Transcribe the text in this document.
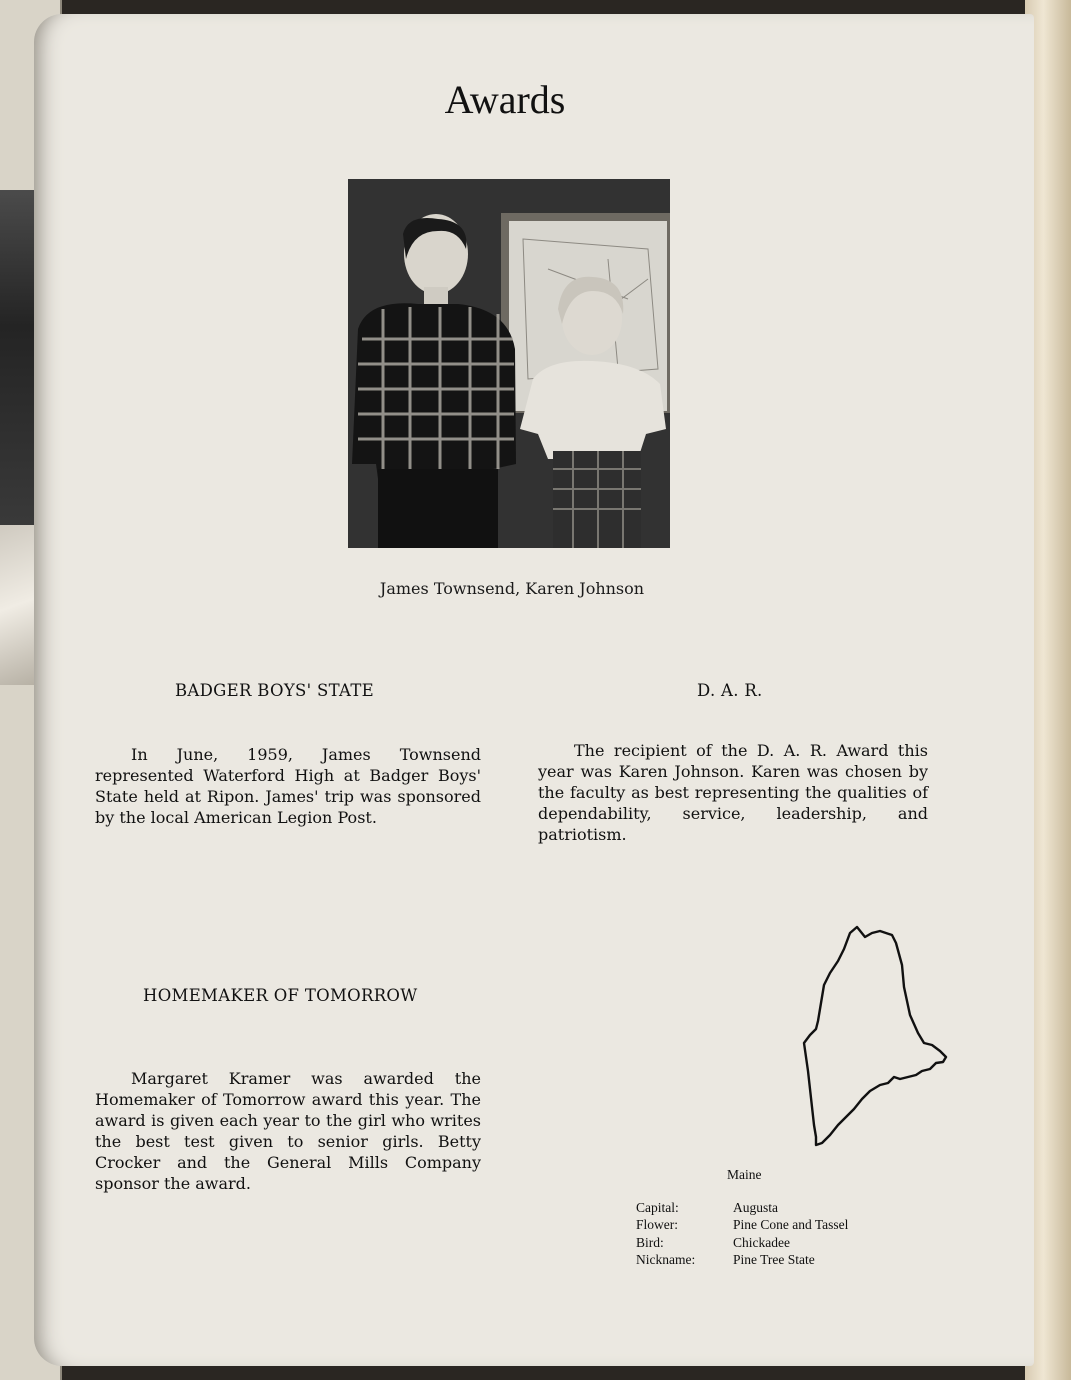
Awards
James Townsend, Karen Johnson
BADGER BOYS' STATE

In June, 1959, James Townsend represented Waterford High at Badger Boys' State held at Ripon. James' trip was sponsored by the local American Legion Post.

D. A. R.

The recipient of the D. A. R. Award this year was Karen Johnson. Karen was chosen by the faculty as best representing the qualities of dependability, service, leadership, and patriotism.

HOMEMAKER OF TOMORROW

Margaret Kramer was awarded the Homemaker of Tomorrow award this year. The award is given each year to the girl who writes the best test given to senior girls. Betty Crocker and the General Mills Company sponsor the award.	Maine
Capital:	Augusta
Flower:	Pine Cone and Tassel
Bird:	Chickadee
Nickname:	Pine Tree State
